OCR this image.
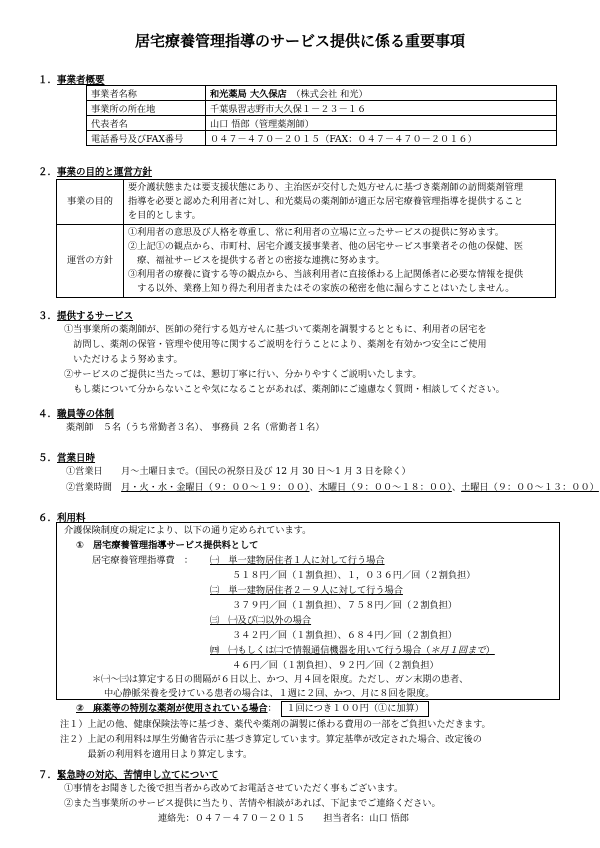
居宅療養管理指導のサービス提供に係る重要事項
１．事業者概要
事業者名称	和光薬局 大久保店　 （株式会社 和光）
事業所の所在地	千葉県習志野市大久保１－２３－１６
代表者名	山口 悟郎（管理薬剤師）
電話番号及びFAX番号	０４７－４７０－２０１５（FAX：０４７－４７０－２０１６）
２．事業の目的と運営方針
事業の目的	要介護状態または要支援状態にあり、主治医が交付した処方せんに基づき薬剤師の訪問薬剤管理
指導を必要と認めた利用者に対し、和光薬局の薬剤師が適正な居宅療養管理指導を提供すること
を目的とします。

運営の方針	①利用者の意思及び人格を尊重し、常に利用者の立場に立ったサービスの提供に努めます。
②上記①の観点から、市町村、居宅介護支援事業者、他の居宅サービス事業者その他の保健、医
　療、福祉サービスを提供する者との密接な連携に努めます。
③利用者の療養に資する等の観点から、当該利用者に直接係わる上記関係者に必要な情報を提供
　する以外、業務上知り得た利用者またはその家族の秘密を他に漏らすことはいたしません。
３．提供するサービス
①当事業所の薬剤師が、医師の発行する処方せんに基づいて薬剤を調製するとともに、利用者の居宅を
　訪問し、薬剤の保管・管理や使用等に関するご説明を行うことにより、薬剤を有効かつ安全にご使用
　いただけるよう努めます。
②サービスのご提供に当たっては、懇切丁寧に行い、分かりやすくご説明いたします。
　もし薬について分からないことや気になることがあれば、薬剤師にご遠慮なく質問・相談してください。
４．職員等の体制
薬剤師　５名（うち常勤者３名）、 事務員 ２名（常勤者１名）
５．営業日時
①営業日　　月～土曜日まで。（国民の祝祭日及び 12 月 30 日～1 月 3 日を除く）
②営業時間　月・火・水・金曜日（９：００～１９：００）、木曜日（９：００～１８：００）、土曜日（９：００～１３：００）
６．利用料
介護保険制度の規定により、以下の通り定められています。
①　居宅療養管理指導サービス提供料として
居宅療養管理指導費　： ㈠　単一建物居住者１人に対して行う場合
５１８円／回（１割負担）、１，０３６円／回（２割負担）
㈡　単一建物居住者２－９人に対して行う場合
３７９円／回（１割負担）、７５８円／回（２割負担）
㈢　㈠及び㈡以外の場合
３４２円／回（１割負担）、６８４円／回（２割負担）
㈣　㈠もしくは㈡で情報通信機器を用いて行う場合（＊月１回まで）
４６円／回（１割負担）、９２円／回（２割負担）
＊㈠～㈢は算定する日の間隔が６日以上、かつ、月４回を限度。ただし、ガン末期の患者、
中心静脈栄養を受けている患者の場合は、１週に２回、かつ、月に８回を限度。
②　麻薬等の特別な薬剤が使用されている場合：　 １回につき１００円（①に加算）
注１）上記の他、健康保険法等に基づき、薬代や薬剤の調製に係わる費用の一部をご負担いただきます。
注２）上記の利用料は厚生労働省告示に基づき算定しています。算定基準が改定された場合、改定後の
　　　最新の利用料を適用日より算定します。
７．緊急時の対応、苦情申し立てについて
①事情をお聞きした後で担当者から改めてお電話させていただく事もございます。
②また当事業所のサービス提供に当たり、苦情や相談があれば、下記までご連絡ください。
連絡先：０４７－４７０－２０１５　　 担当者名：山口 悟郎
